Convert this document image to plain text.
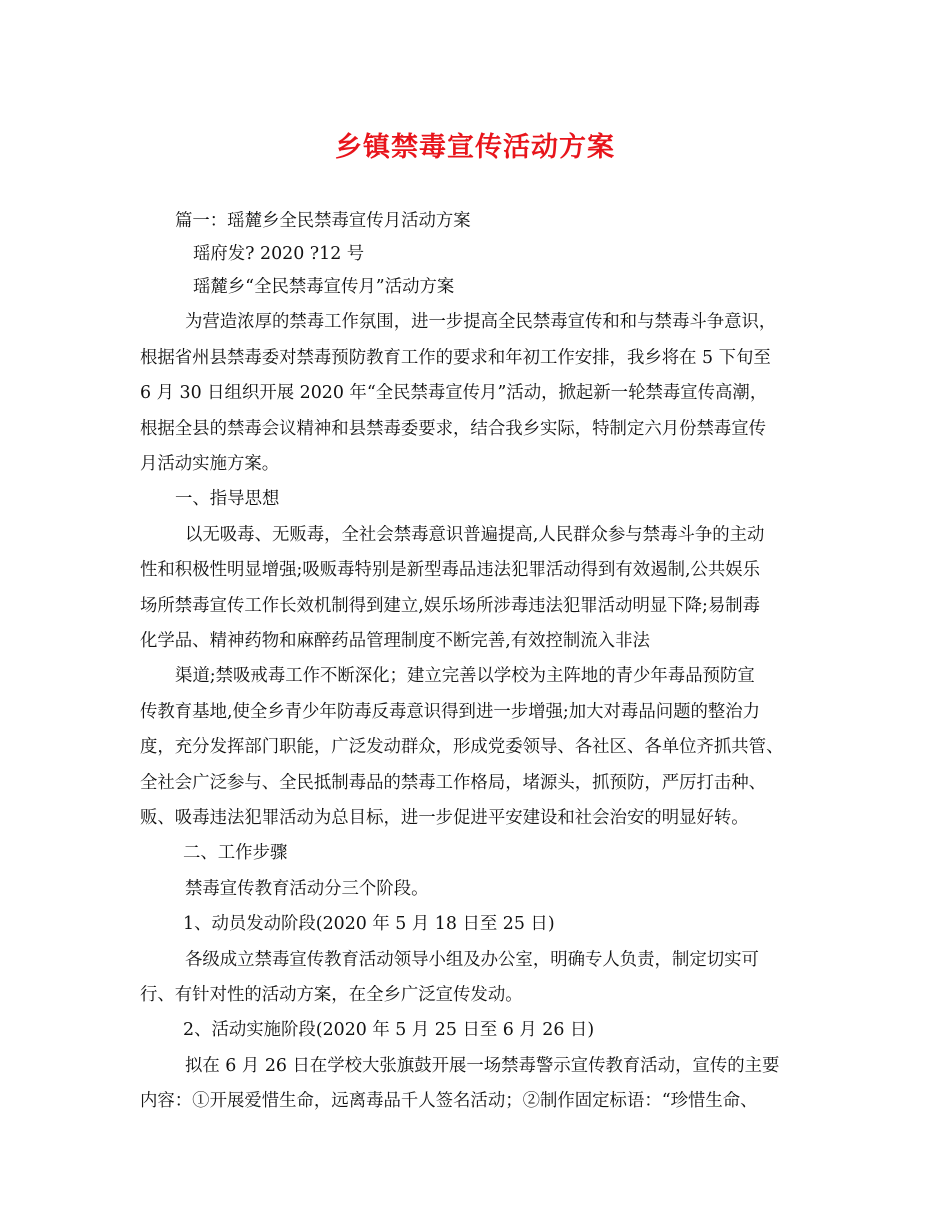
乡镇禁毒宣传活动方案
篇一：瑶麓乡全民禁毒宣传月活动方案
瑶府发? 2020 ?12 号
瑶麓乡“全民禁毒宣传月”活动方案
为营造浓厚的禁毒工作氛围，进一步提高全民禁毒宣传和和与禁毒斗争意识，
根据省州县禁毒委对禁毒预防教育工作的要求和年初工作安排，我乡将在 5 下旬至
6 月 30 日组织开展 2020 年“全民禁毒宣传月”活动，掀起新一轮禁毒宣传高潮，
根据全县的禁毒会议精神和县禁毒委要求，结合我乡实际，特制定六月份禁毒宣传
月活动实施方案。
一、指导思想
以无吸毒、无贩毒，全社会禁毒意识普遍提高,人民群众参与禁毒斗争的主动
性和积极性明显增强;吸贩毒特别是新型毒品违法犯罪活动得到有效遏制,公共娱乐
场所禁毒宣传工作长效机制得到建立,娱乐场所涉毒违法犯罪活动明显下降;易制毒
化学品、精神药物和麻醉药品管理制度不断完善,有效控制流入非法
渠道;禁吸戒毒工作不断深化；建立完善以学校为主阵地的青少年毒品预防宣
传教育基地,使全乡青少年防毒反毒意识得到进一步增强;加大对毒品问题的整治力
度，充分发挥部门职能，广泛发动群众，形成党委领导、各社区、各单位齐抓共管、
全社会广泛参与、全民抵制毒品的禁毒工作格局，堵源头，抓预防，严厉打击种、
贩、吸毒违法犯罪活动为总目标，进一步促进平安建设和社会治安的明显好转。
二、工作步骤
禁毒宣传教育活动分三个阶段。
1、动员发动阶段(2020 年 5 月 18 日至 25 日)
各级成立禁毒宣传教育活动领导小组及办公室，明确专人负责，制定切实可
行、有针对性的活动方案，在全乡广泛宣传发动。
2、活动实施阶段(2020 年 5 月 25 日至 6 月 26 日)
拟在 6 月 26 日在学校大张旗鼓开展一场禁毒警示宣传教育活动，宣传的主要
内容：①开展爱惜生命，远离毒品千人签名活动；②制作固定标语：“珍惜生命、
